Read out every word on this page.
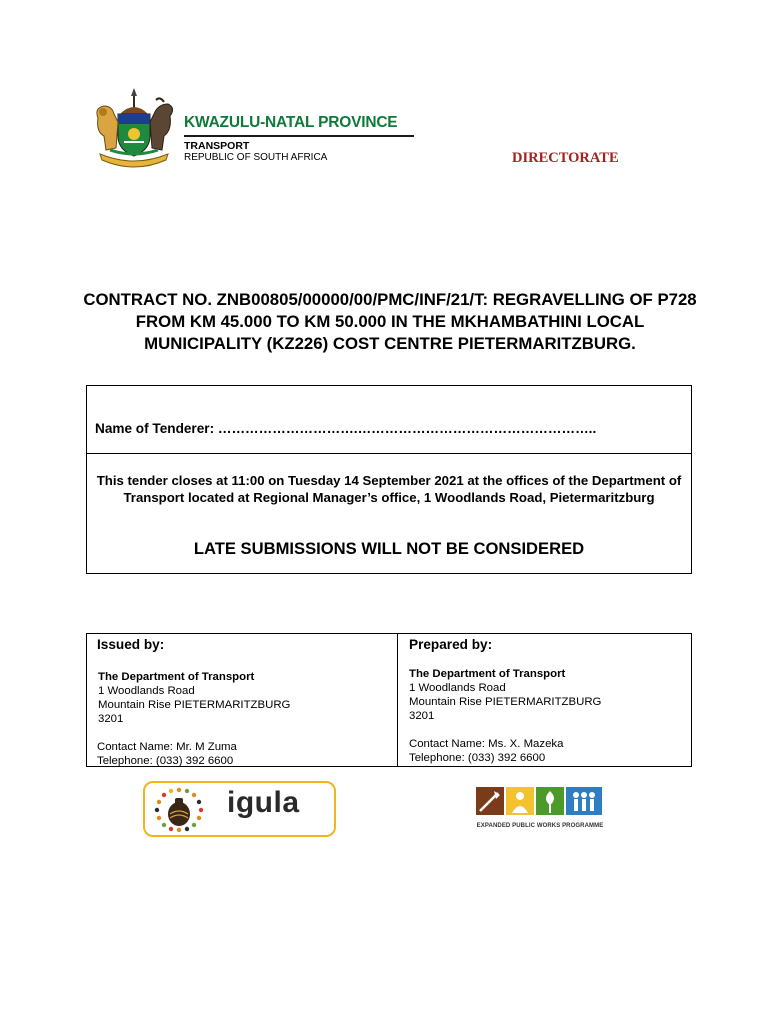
KWAZULU-NATAL PROVINCE
TRANSPORT
REPUBLIC OF SOUTH AFRICA	DIRECTORATE
CONTRACT NO. ZNB00805/00000/00/PMC/INF/21/T: REGRAVELLING OF P728 FROM KM 45.000 TO KM 50.000 IN THE MKHAMBATHINI LOCAL MUNICIPALITY (KZ226) COST CENTRE PIETERMARITZBURG.
Name of Tenderer: ………………………….……………………………………………..
This tender closes at 11:00 on Tuesday 14 September 2021 at the offices of the Department of Transport located at Regional Manager’s office, 1 Woodlands Road, Pietermaritzburg
LATE SUBMISSIONS WILL NOT BE CONSIDERED
Issued by:
The Department of Transport
1 Woodlands Road
Mountain Rise PIETERMARITZBURG
3201
Contact Name: Mr. M Zuma
Telephone: (033) 392 6600
Prepared by:
The Department of Transport
1 Woodlands Road
Mountain Rise PIETERMARITZBURG
3201
Contact Name: Ms. X. Mazeka
Telephone: (033) 392 6600
igula
EXPANDED PUBLIC WORKS PROGRAMME
